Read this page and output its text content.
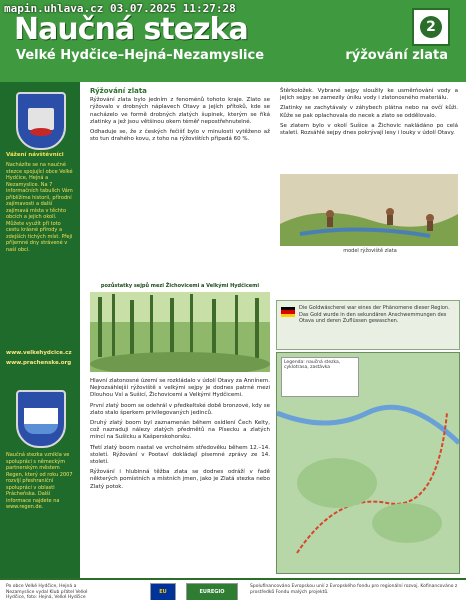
mapin.uhlava.cz 03.07.2025 11:27:28
Naučná stezka
Velké Hydčice–Hejná–Nezamyslice	rýžování zlata
2
Vážení návštěvníci
Nacházíte se na naučné stezce spojující obce Velké Hydčice, Hejná a Nezamyslice. Na 7 informačních tabulích Vám přiblížíme historii, přírodní zajímavosti a další zajímavá místa v těchto obcích a jejich okolí. Můžete využít při toto cestu krásné přírody a zdejších tichých míst. Přeji příjemné dny strávené v naší obci.
www.velkehydcice.cz
www.prachenske.org
Naučná stezka vznikla ve spolupráci s německým partnerským městem Regen, který od roku 2007 rozvíjí přeshraniční spolupráci v oblasti Prácheňska. Další informace najdete na www.regen.de.
Rýžování zlata

Rýžování zlata bylo jedním z fenoménů tohoto kraje. Zlato se rýžovalo v drobných náplavech Otavy a jejích přítoků, kde se nacházelo ve formě drobných zlatých šupinek, kterým se říká zlatinky a jež jsou většinou okem téměř nepostřehnutelné.

Odhaduje se, že z českých řečišť bylo v minulosti vytěženo až sto tun drahého kovu, z toho na rýžovištích připadá 60 %.

pozůstatky sejpů mezi Žichovicemi a Velkými Hydčicemi

Hlavní zlatonosné území se rozkládalo v údolí Otavy za Annínem. Nejrozsáhlejší rýžoviště s velkými sejpy je dodnes patrné mezi Dlouhou Vsí a Sušicí, Žichovicemi a Velkými Hydčicemi.

První zlatý boom se odehrál v předkeltské době bronzové, kdy se zlato stalo šperkem privilegovaných jedinců.

Druhý zlatý boom byl zaznamenán během osídlení Čech Kelty, což nazraduji nálezy zlatých předmětů na Písecku a zlatých mincí na Sušicku a Kašperskohorsku.

Třetí zlatý boom nastal ve vrcholném středověku během 12.–14. století. Rýžování v Pootaví dokládají písemné zprávy ze 14. století.

Rýžování i hlubinná těžba zlata se dodnes odráží v řadě některých pomístních a místních jmen, jako je Zlatá stezka nebo Zlatý potok.

Štěrkoložek. Vybrané sejpy sloužily ke usměrňování vody a jejich sejpy se zamezily úniku vody i zlatonosného materiálu.

Zlatinky se zachytávaly v záhybech plátna nebo na ovčí kůži. Kůže se pak oplachovala do necek a zlato se oddělovalo.

Se zlatem bylo v okolí Sušice a Žichovic nakládáno po celá staletí. Rozsáhlé sejpy dnes pokrývají lesy i louky v údolí Otavy.

model rýžoviště zlata
Die Goldwäscherei war eines der Phänomene dieser Region. Das Gold wurde in den sekundären Anschwemmungen des Otava und deren Zuflüssen gewaschen.
Legenda: naučná stezka, cyklotrasa, zastávka
Po obce Velké Hydčice, Hejná a Nezamyslice vydal Klub přátel Velké Hydčice, foto: Hejná, Velké Hydčice
EU	EUREGIO
Spolufinancováno Evropskou unií z Evropského fondu pro regionální rozvoj. Kofinancováno z prostředků Fondu malých projektů.
